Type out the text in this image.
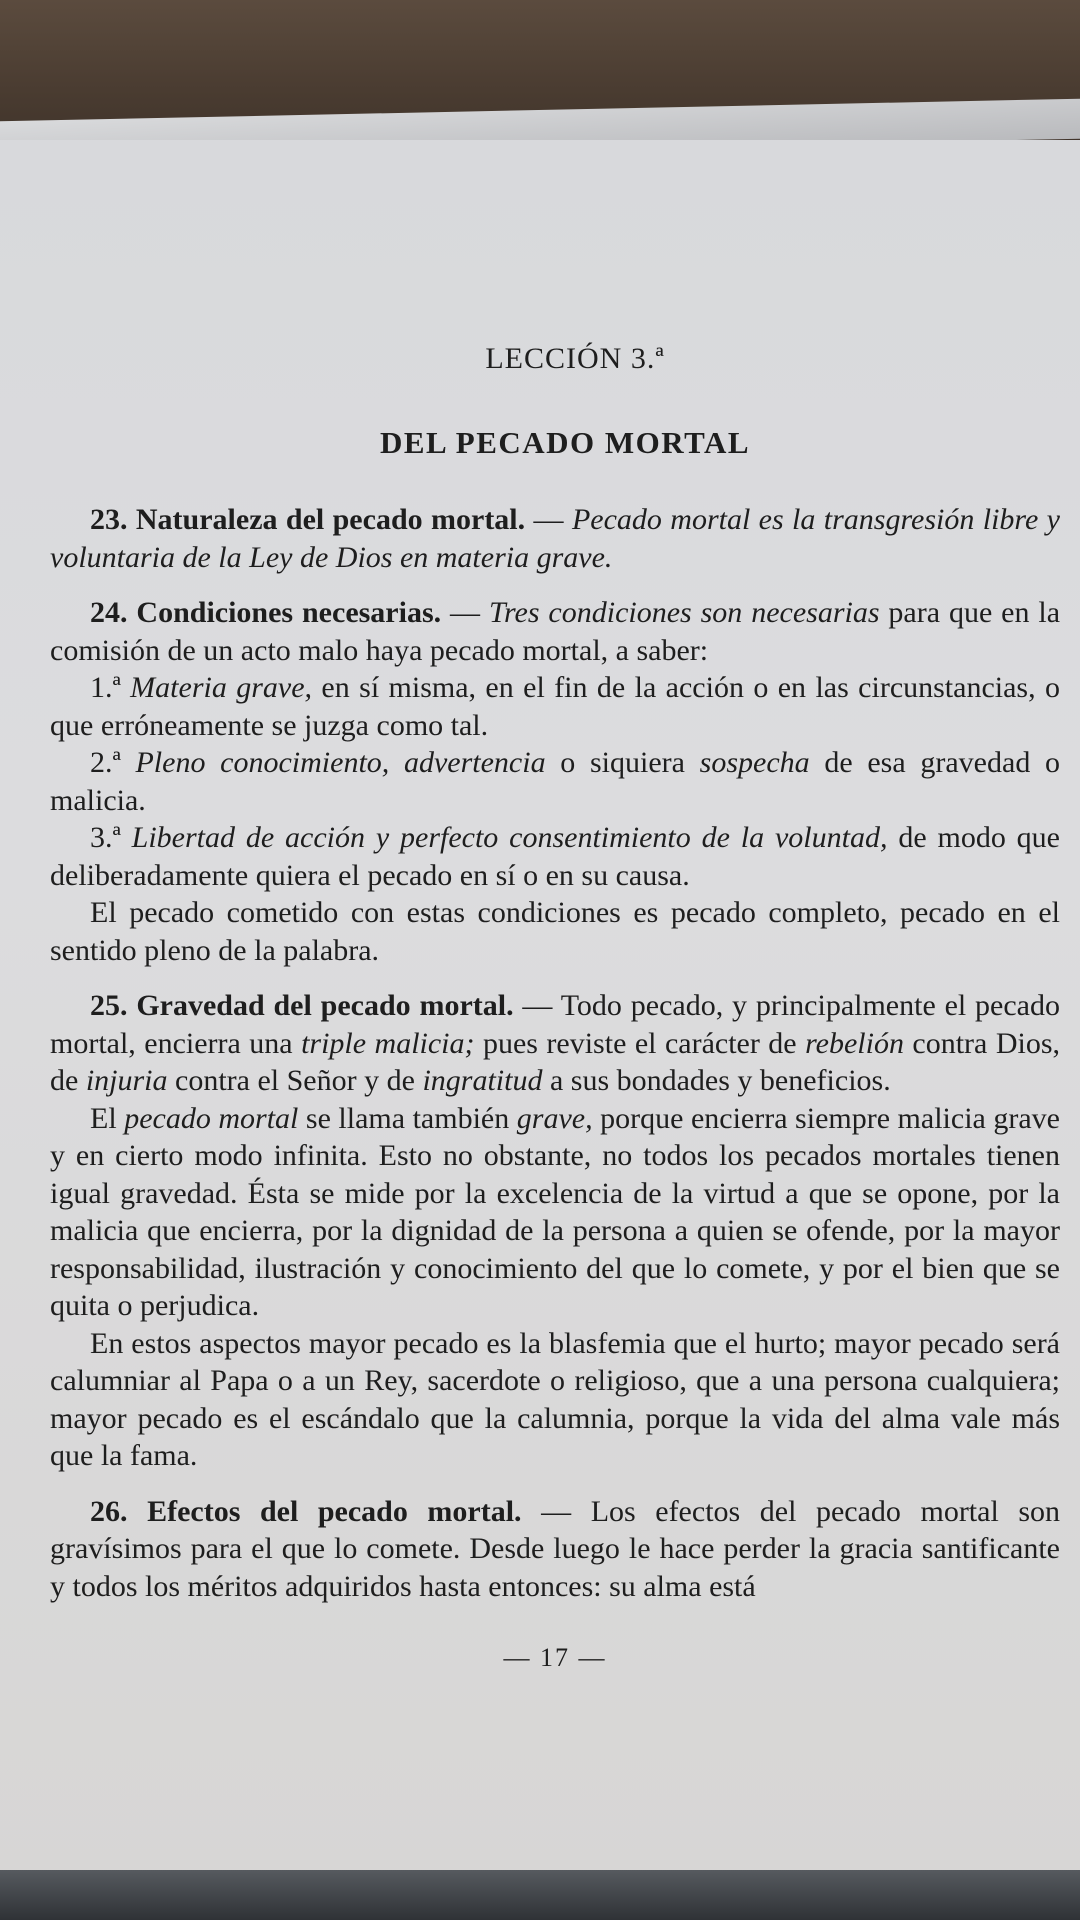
LECCIÓN 3.ª
DEL PECADO MORTAL

23. Naturaleza del pecado mortal. — Pecado mortal es la transgresión libre y voluntaria de la Ley de Dios en materia grave.

24. Condiciones necesarias. — Tres condiciones son necesarias para que en la comisión de un acto malo haya pecado mortal, a saber:

1.ª Materia grave, en sí misma, en el fin de la acción o en las circunstancias, o que erróneamente se juzga como tal.

2.ª Pleno conocimiento, advertencia o siquiera sospecha de esa gravedad o malicia.

3.ª Libertad de acción y perfecto consentimiento de la voluntad, de modo que deliberadamente quiera el pecado en sí o en su causa.

El pecado cometido con estas condiciones es pecado completo, pecado en el sentido pleno de la palabra.

25. Gravedad del pecado mortal. — Todo pecado, y principalmente el pecado mortal, encierra una triple malicia; pues reviste el carácter de rebelión contra Dios, de injuria contra el Señor y de ingratitud a sus bondades y beneficios.

El pecado mortal se llama también grave, porque encierra siempre malicia grave y en cierto modo infinita. Esto no obstante, no todos los pecados mortales tienen igual gravedad. Ésta se mide por la excelencia de la virtud a que se opone, por la malicia que encierra, por la dignidad de la persona a quien se ofende, por la mayor responsabilidad, ilustración y conocimiento del que lo comete, y por el bien que se quita o perjudica.

En estos aspectos mayor pecado es la blasfemia que el hurto; mayor pecado será calumniar al Papa o a un Rey, sacerdote o religioso, que a una persona cualquiera; mayor pecado es el escándalo que la calumnia, porque la vida del alma vale más que la fama.

26. Efectos del pecado mortal. — Los efectos del pecado mortal son gravísimos para el que lo comete. Desde luego le hace perder la gracia santificante y todos los méritos adquiridos hasta entonces: su alma está

— 17 —
